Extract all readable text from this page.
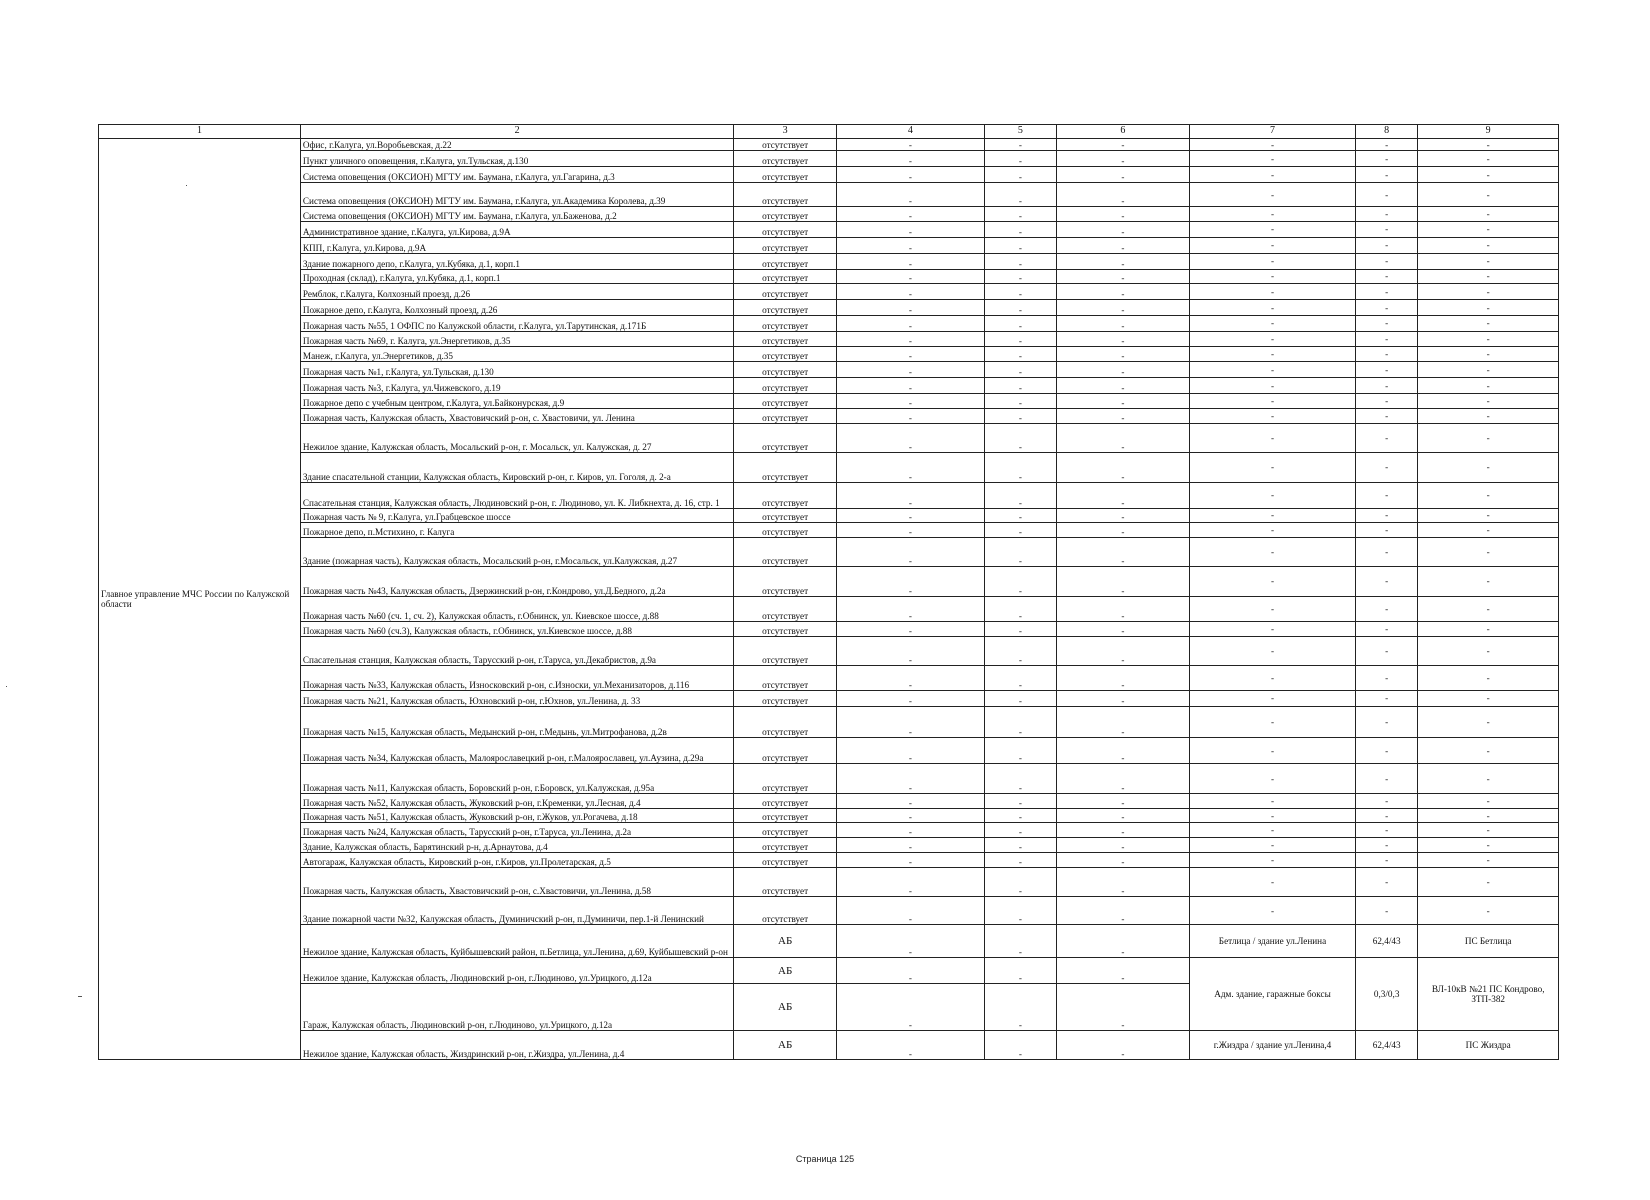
1	2	3	4	5	6	7	8	9
Главное управление МЧС России по Калужской области	Офис, г.Калуга, ул.Воробьевская, д.22	отсутствует	-	-	-	-	-	-
	Пункт уличного оповещения, г.Калуга, ул.Тульская, д.130	отсутствует	-	-	-	-	-	-
	Система оповещения (ОКСИОН) МГТУ им. Баумана, г.Калуга, ул.Гагарина, д.3	отсутствует	-	-	-	-	-	-
	Система оповещения (ОКСИОН) МГТУ им. Баумана, г.Калуга, ул.Академика Королева, д.39	отсутствует	-	-	-	-	-	-
	Система оповещения (ОКСИОН) МГТУ им. Баумана, г.Калуга, ул.Баженова, д.2	отсутствует	-	-	-	-	-	-
	Административное здание, г.Калуга, ул.Кирова, д.9А	отсутствует	-	-	-	-	-	-
	КПП, г.Калуга, ул.Кирова, д.9А	отсутствует	-	-	-	-	-	-
	Здание пожарного депо, г.Калуга, ул.Кубяка, д.1, корп.1	отсутствует	-	-	-	-	-	-
	Проходная (склад), г.Калуга, ул.Кубяка, д.1, корп.1	отсутствует	-	-	-	-	-	-
	Ремблок, г.Калуга, Колхозный проезд, д.26	отсутствует	-	-	-	-	-	-
	Пожарное депо, г.Калуга, Колхозный проезд, д.26	отсутствует	-	-	-	-	-	-
	Пожарная часть №55, 1 ОФПС по Калужской области, г.Калуга, ул.Тарутинская, д.171Б	отсутствует	-	-	-	-	-	-
	Пожарная часть №69, г. Калуга, ул.Энергетиков, д.35	отсутствует	-	-	-	-	-	-
	Манеж, г.Калуга, ул.Энергетиков, д.35	отсутствует	-	-	-	-	-	-
	Пожарная часть №1, г.Калуга, ул.Тульская, д.130	отсутствует	-	-	-	-	-	-
	Пожарная часть №3, г.Калуга, ул.Чижевского, д.19	отсутствует	-	-	-	-	-	-
	Пожарное депо с учебным центром, г.Калуга, ул.Байконурская, д.9	отсутствует	-	-	-	-	-	-
	Пожарная часть, Калужская область, Хвастовичский р-он, с. Хвастовичи, ул. Ленина	отсутствует	-	-	-	-	-	-
	Нежилое здание, Калужская область, Мосальский р-он, г. Мосальск, ул. Калужская, д. 27	отсутствует	-	-	-	-	-	-
	Здание спасательной станции, Калужская область, Кировский р-он, г. Киров, ул. Гоголя, д. 2-а	отсутствует	-	-	-	-	-	-
	Спасательная станция, Калужская область, Людиновский р-он, г. Людиново, ул. К. Либкнехта, д. 16, стр. 1	отсутствует	-	-	-	-	-	-
	Пожарная часть № 9, г.Калуга, ул.Грабцевское шоссе	отсутствует	-	-	-	-	-	-
	Пожарное депо, п.Мстихино, г. Калуга	отсутствует	-	-	-	-	-	-
	Здание (пожарная часть), Калужская область, Мосальский р-он, г.Мосальск, ул.Калужская, д.27	отсутствует	-	-	-	-	-	-
	Пожарная часть №43, Калужская область, Дзержинский р-он, г.Кондрово, ул.Д.Бедного, д.2а	отсутствует	-	-	-	-	-	-
	Пожарная часть №60 (сч. 1, сч. 2), Калужская область, г.Обнинск, ул. Киевское шоссе, д.88	отсутствует	-	-	-	-	-	-
	Пожарная часть №60 (сч.3), Калужская область, г.Обнинск, ул.Киевское шоссе, д.88	отсутствует	-	-	-	-	-	-
	Спасательная станция, Калужская область, Тарусский р-он, г.Таруса, ул.Декабристов, д.9а	отсутствует	-	-	-	-	-	-
	Пожарная часть №33, Калужская область, Износковский р-он, с.Износки, ул.Механизаторов, д.116	отсутствует	-	-	-	-	-	-
	Пожарная часть №21, Калужская область, Юхновский р-он, г.Юхнов, ул.Ленина, д. 33	отсутствует	-	-	-	-	-	-
	Пожарная часть №15, Калужская область, Медынский р-он, г.Медынь, ул.Митрофанова, д.2в	отсутствует	-	-	-	-	-	-
	Пожарная часть №34, Калужская область, Малоярославецкий р-он, г.Малоярославец, ул.Аузина, д.29а	отсутствует	-	-	-	-	-	-
	Пожарная часть №11, Калужская область, Боровский р-он, г.Боровск, ул.Калужская, д.95а	отсутствует	-	-	-	-	-	-
	Пожарная часть №52, Калужская область, Жуковский р-он, г.Кременки, ул.Лесная, д.4	отсутствует	-	-	-	-	-	-
	Пожарная часть №51, Калужская область, Жуковский р-он, г.Жуков, ул.Рогачева, д.18	отсутствует	-	-	-	-	-	-
	Пожарная часть №24, Калужская область, Тарусский р-он, г.Таруса, ул.Ленина, д.2а	отсутствует	-	-	-	-	-	-
	Здание, Калужская область, Барятинский р-н, д.Арнаутова, д.4	отсутствует	-	-	-	-	-	-
	Автогараж, Калужская область, Кировский р-он, г.Киров, ул.Пролетарская, д.5	отсутствует	-	-	-	-	-	-
	Пожарная часть, Калужская область, Хвастовичский р-он, с.Хвастовичи, ул.Ленина, д.58	отсутствует	-	-	-	-	-	-
	Здание пожарной части №32, Калужская область, Думиничский р-он, п.Думиничи, пер.1-й Ленинский	отсутствует	-	-	-	-	-	-
	Нежилое здание, Калужская область, Куйбышевский район, п.Бетлица, ул.Ленина, д.69, Куйбышевский р-он	АБ	-	-	-	Бетлица / здание ул.Ленина	62,4/43	ПС Бетлица
	Нежилое здание, Калужская область, Людиновский р-он, г.Людиново, ул.Урицкого, д.12а	АБ	-	-	-	Адм. здание, гаражные боксы	0,3/0,3	ВЛ-10кВ №21 ПС Кондрово, ЗТП-382
	Гараж, Калужская область, Людиновский р-он, г.Людиново, ул.Урицкого, д.12а	АБ	-	-	-			
	Нежилое здание, Калужская область, Жиздринский р-он, г.Жиздра, ул.Ленина, д.4	АБ	-	-	-	г.Жиздра / здание ул.Ленина,4	62,4/43	ПС Жиздра
Страница 125
